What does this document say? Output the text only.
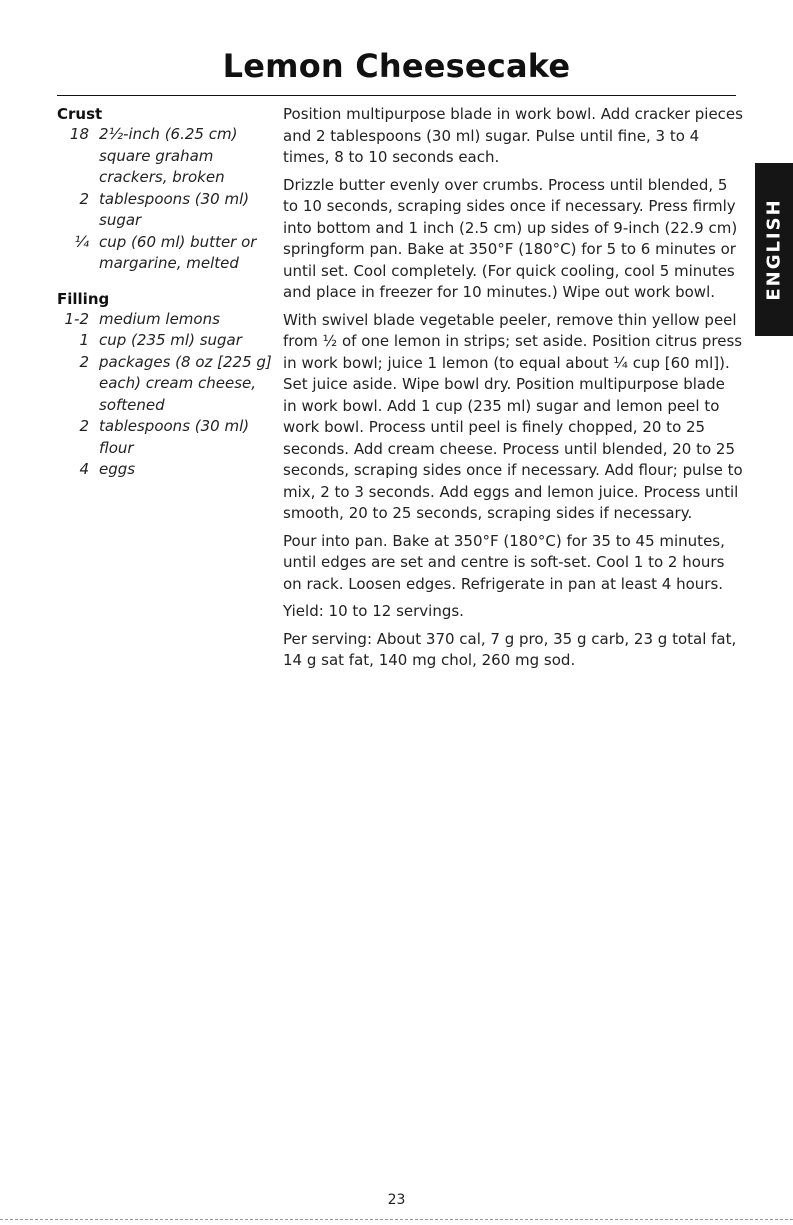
Lemon Cheesecake
Crust
18 2½-inch (6.25 cm) square graham crackers, broken
2 tablespoons (30 ml) sugar
¼ cup (60 ml) butter or margarine, melted
Filling
1-2 medium lemons
1 cup (235 ml) sugar
2 packages (8 oz [225 g] each) cream cheese, softened
2 tablespoons (30 ml) flour
4 eggs

Position multipurpose blade in work bowl. Add cracker pieces and 2 tablespoons (30 ml) sugar. Pulse until fine, 3 to 4 times, 8 to 10 seconds each.

Drizzle butter evenly over crumbs. Process until blended, 5 to 10 seconds, scraping sides once if necessary. Press firmly into bottom and 1 inch (2.5 cm) up sides of 9-inch (22.9 cm) springform pan. Bake at 350°F (180°C) for 5 to 6 minutes or until set. Cool completely. (For quick cooling, cool 5 minutes and place in freezer for 10 minutes.) Wipe out work bowl.

With swivel blade vegetable peeler, remove thin yellow peel from ½ of one lemon in strips; set aside. Position citrus press in work bowl; juice 1 lemon (to equal about ¼ cup [60 ml]). Set juice aside. Wipe bowl dry. Position multipurpose blade in work bowl. Add 1 cup (235 ml) sugar and lemon peel to work bowl. Process until peel is finely chopped, 20 to 25 seconds. Add cream cheese. Process until blended, 20 to 25 seconds, scraping sides once if necessary. Add flour; pulse to mix, 2 to 3 seconds. Add eggs and lemon juice. Process until smooth, 20 to 25 seconds, scraping sides if necessary.

Pour into pan. Bake at 350°F (180°C) for 35 to 45 minutes, until edges are set and centre is soft-set. Cool 1 to 2 hours on rack. Loosen edges. Refrigerate in pan at least 4 hours.

Yield: 10 to 12 servings.

Per serving: About 370 cal, 7 g pro, 35 g carb, 23 g total fat, 14 g sat fat, 140 mg chol, 260 mg sod.

ENGLISH
23
